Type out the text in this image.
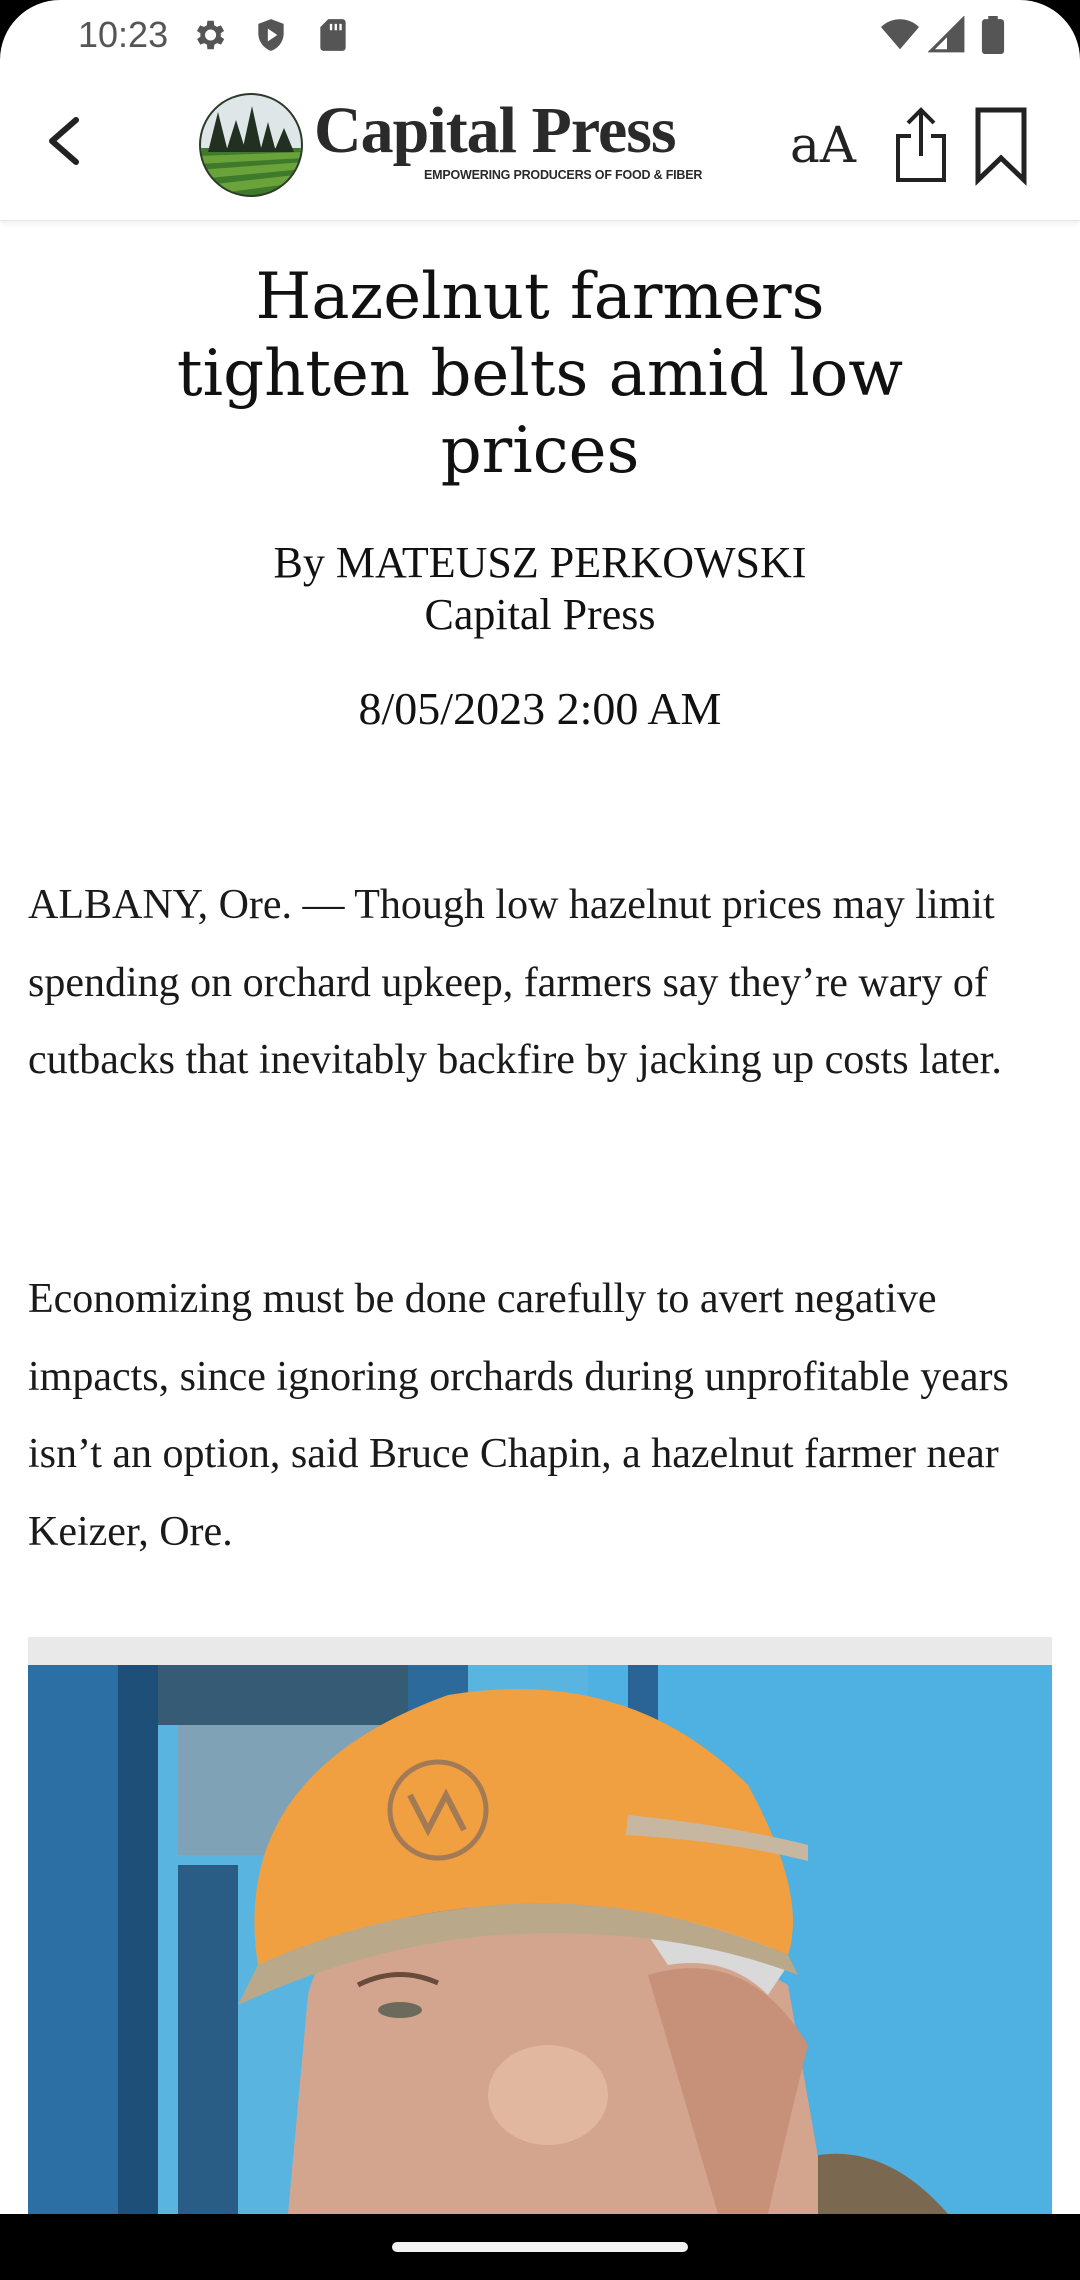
10:23
Capital Press
EMPOWERING PRODUCERS OF FOOD & FIBER
aA
Hazelnut farmers tighten belts amid low prices
By MATEUSZ PERKOWSKI
Capital Press
8/05/2023 2:00 AM

ALBANY, Ore. — Though low hazelnut prices may limit spending on orchard upkeep, farmers say they’re wary of cutbacks that inevitably backfire by jacking up costs later.

Economizing must be done carefully to avert negative impacts, since ignoring orchards during unprofitable years isn’t an option, said Bruce Chapin, a hazelnut farmer near Keizer, Ore.
